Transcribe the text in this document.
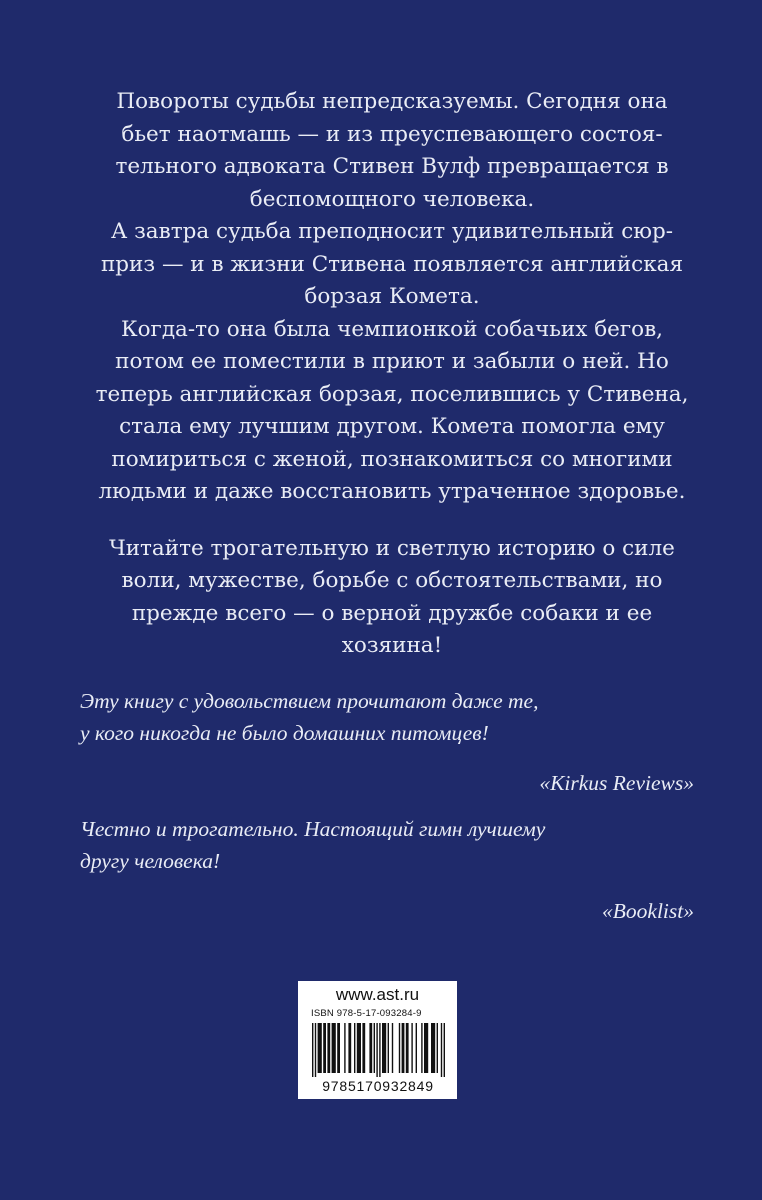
Повороты судьбы непредсказуемы. Сегодня она
бьет наотмашь — и из преуспевающего состоя-
тельного адвоката Стивен Вулф превращается в
беспомощного человека.

А завтра судьба преподносит удивительный сюр-
приз — и в жизни Стивена появляется английская
борзая Комета.

Когда-то она была чемпионкой собачьих бегов,
потом ее поместили в приют и забыли о ней. Но
теперь английская борзая, поселившись у Стивена,
стала ему лучшим другом. Комета помогла ему
помириться с женой, познакомиться со многими
людьми и даже восстановить утраченное здоровье.

Читайте трогательную и светлую историю о силе
воли, мужестве, борьбе с обстоятельствами, но
прежде всего — о верной дружбе собаки и ее хозяина!

Эту книгу с удовольствием прочитают даже те,
у кого никогда не было домашних питомцев!

«Kirkus Reviews»

Честно и трогательно. Настоящий гимн лучшему
другу человека!

«Booklist»

www.ast.ru
ISBN 978-5-17-093284-9
9785170932849
